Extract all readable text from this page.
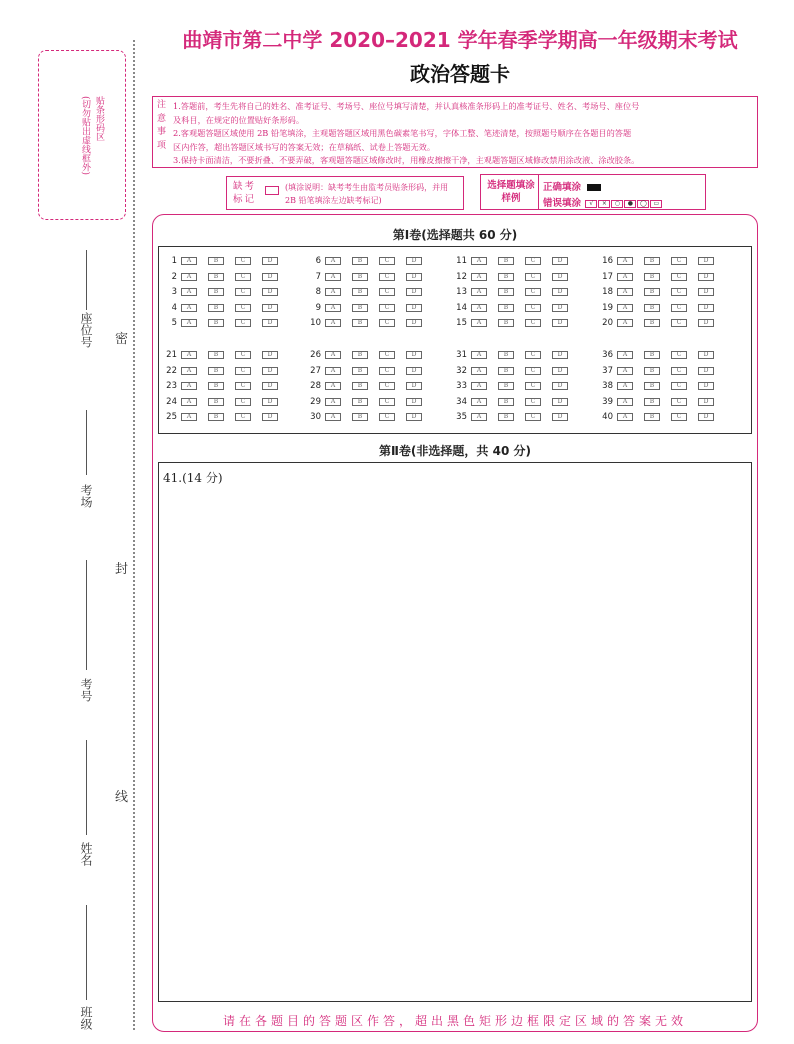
曲靖市第二中学 2020–2021 学年春季学期高一年级期末考试
政治答题卡
贴条形码区
(切勿贴出虚线框外)
密
封
线
座位号
考场
考号
姓名
班级
注
意
事
项
1.答题前，考生先将自己的姓名、准考证号、考场号、座位号填写清楚，并认真核准条形码上的准考证号、姓名、考场号、座位号
及科目，在规定的位置贴好条形码。
2.客观题答题区域使用 2B 铅笔填涂，主观题答题区域用黑色碳素笔书写，字体工整、笔迹清楚，按照题号顺序在各题目的答题
区内作答，超出答题区域书写的答案无效；在草稿纸、试卷上答题无效。
3.保持卡面清洁，不要折叠、不要弄破，客观题答题区域修改时，用橡皮擦擦干净，主观题答题区域修改禁用涂改液、涂改胶条。
缺考标记
(填涂说明：缺考考生由监考员贴条形码，并用 2B 铅笔填涂左边缺考标记)
选择题填涂样例
正确填涂
错误填涂 √ × ○ ● ◯ ▭
第Ⅰ卷(选择题共 60 分)
1	A	B	C	D
2	A	B	C	D
3	A	B	C	D
4	A	B	C	D
5	A	B	C	D
6	A	B	C	D
7	A	B	C	D
8	A	B	C	D
9	A	B	C	D
10	A	B	C	D
11	A	B	C	D
12	A	B	C	D
13	A	B	C	D
14	A	B	C	D
15	A	B	C	D
16	A	B	C	D
17	A	B	C	D
18	A	B	C	D
19	A	B	C	D
20	A	B	C	D
21	A	B	C	D
22	A	B	C	D
23	A	B	C	D
24	A	B	C	D
25	A	B	C	D
26	A	B	C	D
27	A	B	C	D
28	A	B	C	D
29	A	B	C	D
30	A	B	C	D
31	A	B	C	D
32	A	B	C	D
33	A	B	C	D
34	A	B	C	D
35	A	B	C	D
36	A	B	C	D
37	A	B	C	D
38	A	B	C	D
39	A	B	C	D
40	A	B	C	D
第Ⅱ卷(非选择题，共 40 分)
41.(14 分)
请在各题目的答题区作答，超出黑色矩形边框限定区域的答案无效
